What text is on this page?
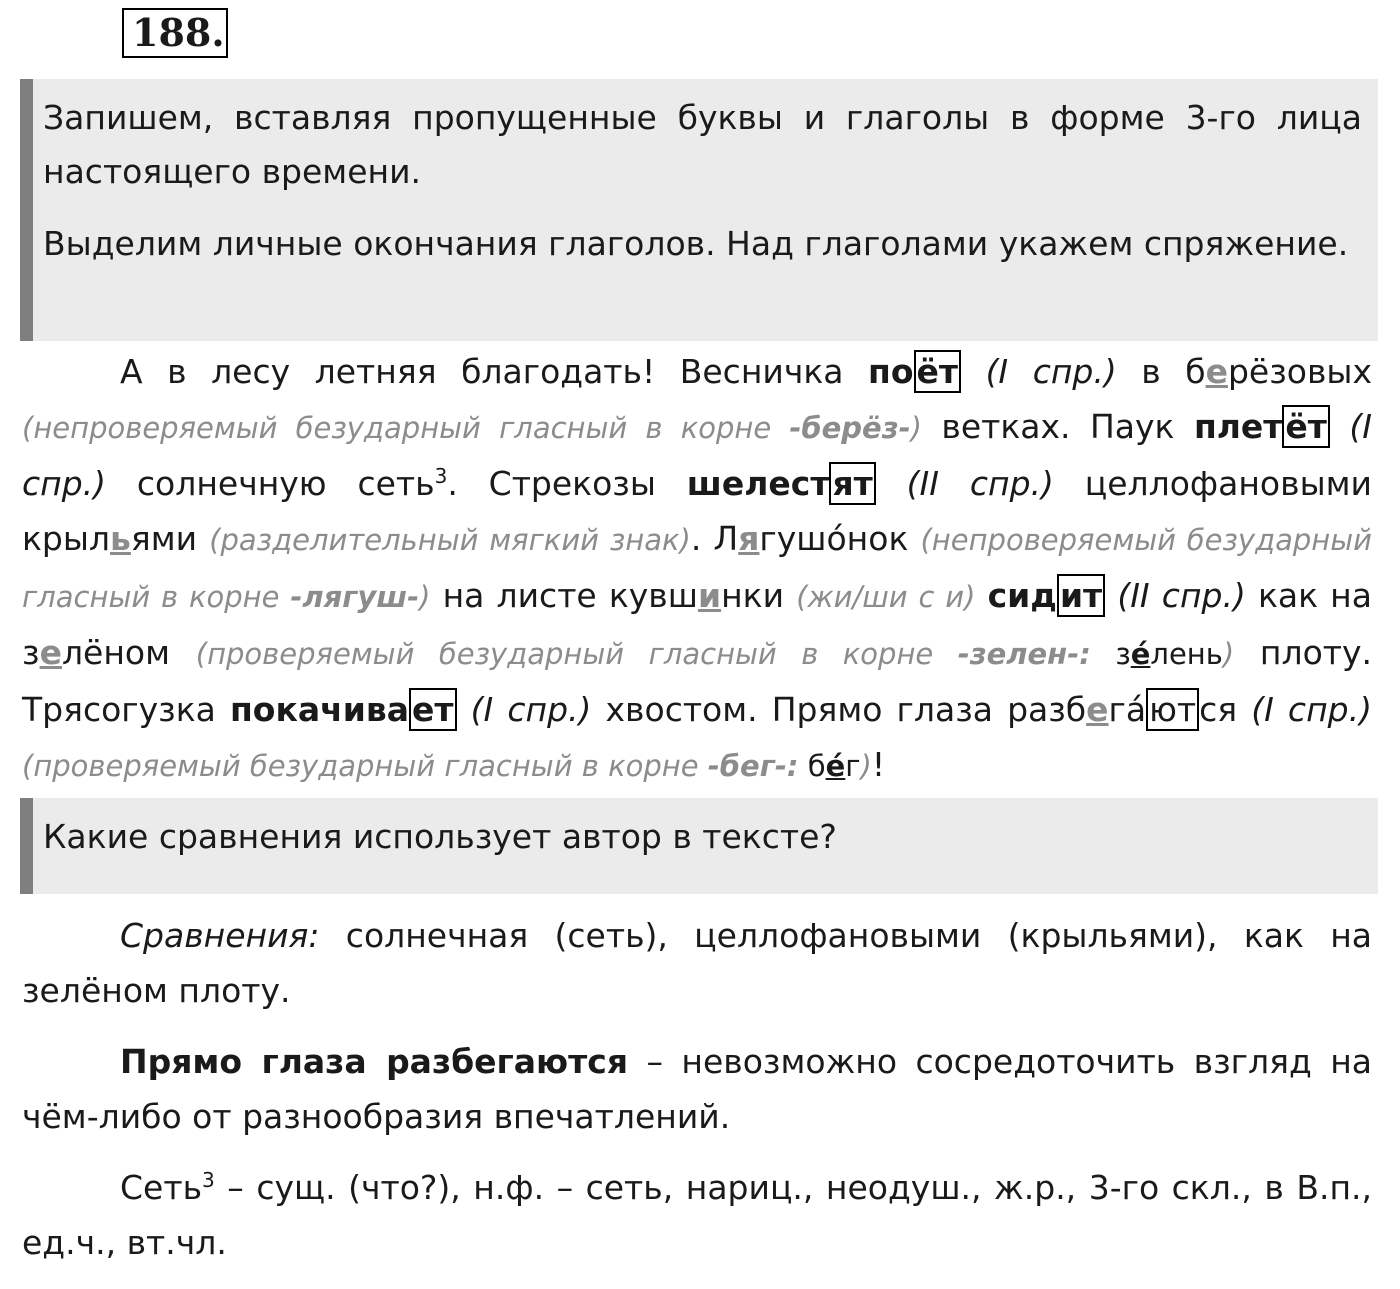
188.

Запишем, вставляя пропущенные буквы и глаголы в форме 3-го лица настоящего времени.

Выделим личные окончания глаголов. Над глаголами укажем спряжение.

А в лесу летняя благодать! Весничка поёт (I спр.) в берёзовых (непроверяемый безударный гласный в корне -берёз-) ветках. Паук плетёт (I спр.) солнечную сеть$^3$. Стрекозы шелестят (II спр.) целлофановыми крыльями (разделительный мягкий знак). Лягушóнок (непроверяемый безударный гласный в корне -лягуш-) на листе кувшинки (жи/ши с и) сидит (II спр.) как на зелёном (проверяемый безударный гласный в корне -зелен-: зéлень) плоту. Трясогузка покачивает (I спр.) хвостом. Прямо глаза разбегáются (I спр.) (проверяемый безударный гласный в корне -бег-: бéг)!

Какие сравнения использует автор в тексте?

Сравнения: солнечная (сеть), целлофановыми (крыльями), как на зелёном плоту.
Прямо глаза разбегаются – невозможно сосредоточить взгляд на чём-либо от разнообразия впечатлений.
Сеть$^3$ – сущ. (что?), н.ф. – сеть, нариц., неодуш., ж.р., 3-го скл., в В.п., ед.ч., вт.чл.
